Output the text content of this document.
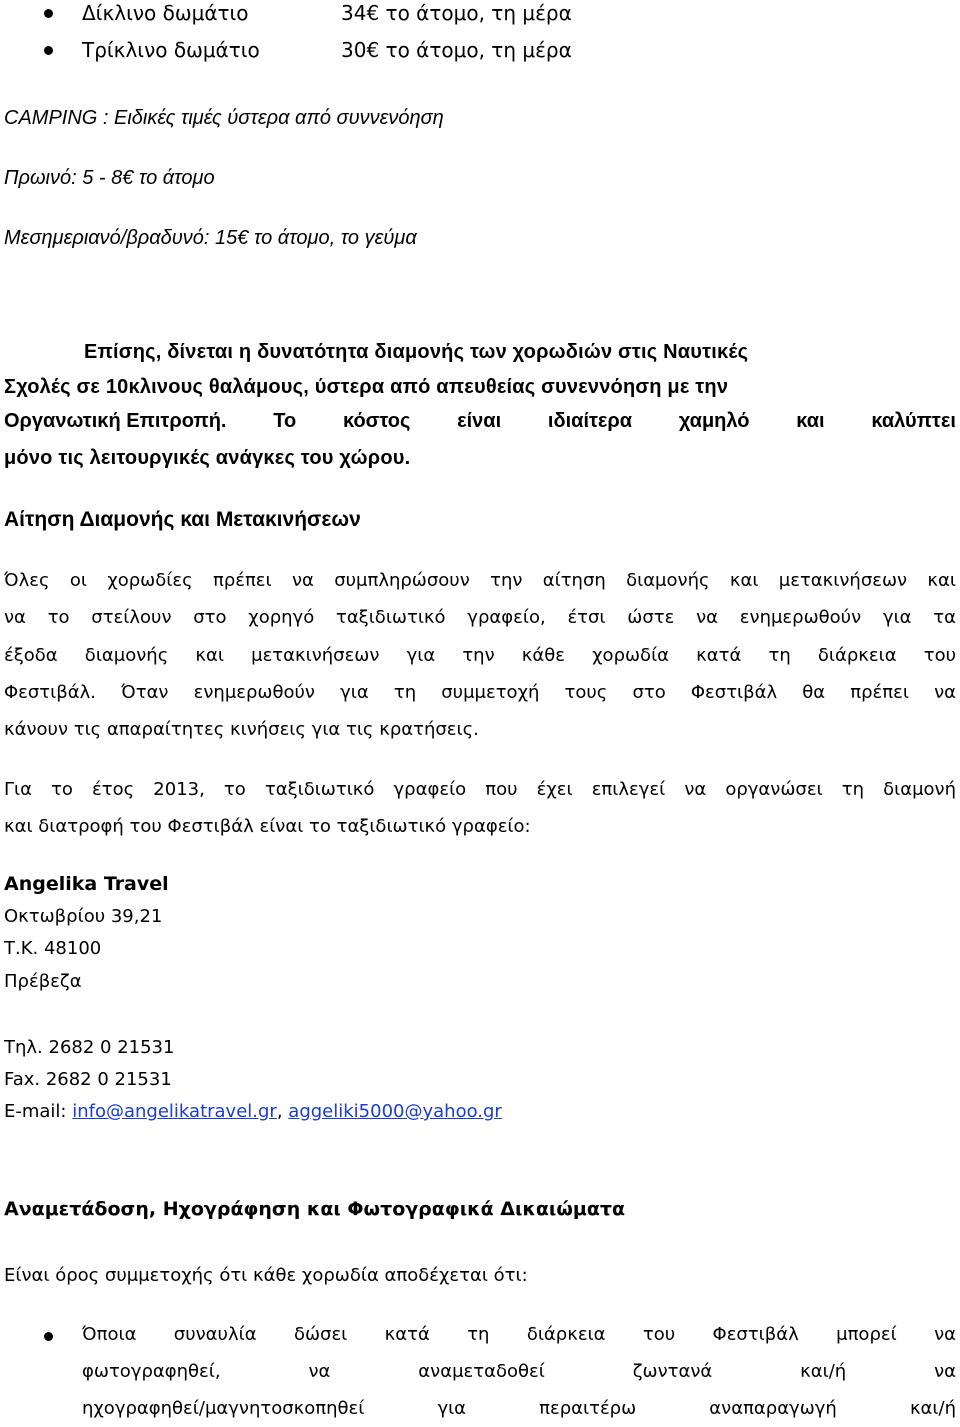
Δίκλινο δωμάτιο	34€ το άτομο, τη μέρα
Τρίκλινο δωμάτιο	30€ το άτομο, τη μέρα
CAMPING : Ειδικές τιμές ύστερα από συννενόηση
Πρωινό: 5 - 8€ το άτομο
Μεσημεριανό/βραδυνό: 15€ το άτομο, το γεύμα
Επίσης, δίνεται η δυνατότητα διαμονής των χορωδιών στις Ναυτικές
Σχολές σε 10κλινους θαλάμους, ύστερα από απευθείας συνεννόηση με την
Οργανωτική Επιτροπή. Το κόστος είναι ιδιαίτερα χαμηλό και καλύπτει
μόνο τις λειτουργικές ανάγκες του χώρου.
Αίτηση Διαμονής και Μετακινήσεων
Όλες οι χορωδίες πρέπει να συμπληρώσουν την αίτηση διαμονής και μετακινήσεων και
να το στείλουν στο χορηγό ταξιδιωτικό γραφείο, έτσι ώστε να ενημερωθούν για τα
έξοδα διαμονής και μετακινήσεων για την κάθε χορωδία κατά τη διάρκεια του
Φεστιβάλ. Όταν ενημερωθούν για τη συμμετοχή τους στο Φεστιβάλ θα πρέπει να
κάνουν τις απαραίτητες κινήσεις για τις κρατήσεις.
Για το έτος 2013, το ταξιδιωτικό γραφείο που έχει επιλεγεί να οργανώσει τη διαμονή
και διατροφή του Φεστιβάλ είναι το ταξιδιωτικό γραφείο:
Angelika Travel
Οκτωβρίου 39,21
Τ.Κ. 48100
Πρέβεζα
Τηλ. 2682 0 21531
Fax. 2682 0 21531
E-mail: info@angelikatravel.gr, aggeliki5000@yahoo.gr
Αναμετάδοση, Ηχογράφηση και Φωτογραφικά Δικαιώματα
Είναι όρος συμμετοχής ότι κάθε χορωδία αποδέχεται ότι:
Όποια συναυλία δώσει κατά τη διάρκεια του Φεστιβάλ μπορεί να
φωτογραφηθεί, να αναμεταδοθεί ζωντανά και/ή να
ηχογραφηθεί/μαγνητοσκοπηθεί για περαιτέρω αναπαραγωγή και/ή
